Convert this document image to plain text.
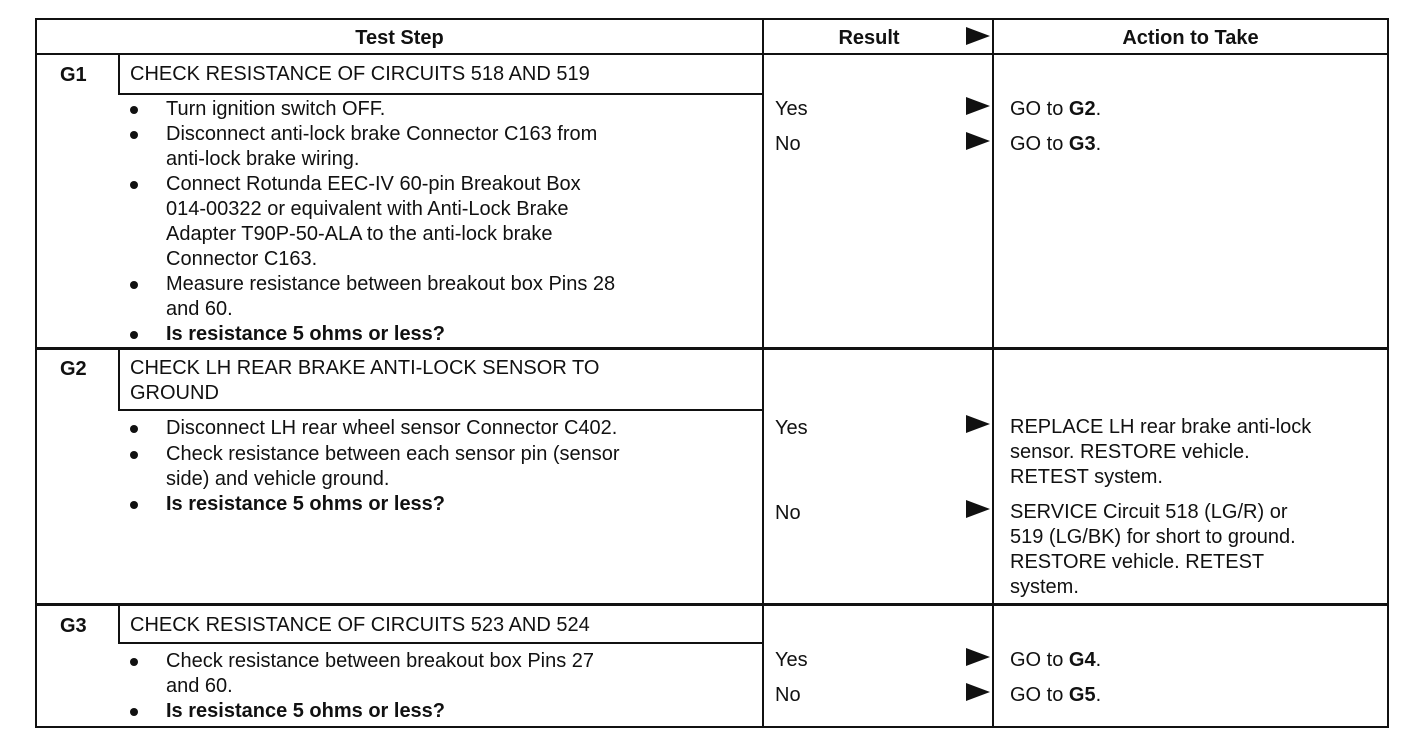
Test Step	Result	Action to Take
G1 CHECK RESISTANCE OF CIRCUITS 518 AND 519
Turn ignition switch OFF.
Disconnect anti-lock brake Connector C163 from
anti-lock brake wiring.
Connect Rotunda EEC-IV 60-pin Breakout Box
014-00322 or equivalent with Anti-Lock Brake
Adapter T90P-50-ALA to the anti-lock brake
Connector C163.
Measure resistance between breakout box Pins 28
and 60.
Is resistance 5 ohms or less?
Yes	GO to G2.
No	GO to G3.
G2 CHECK LH REAR BRAKE ANTI-LOCK SENSOR TO
GROUND
Disconnect LH rear wheel sensor Connector C402.
Check resistance between each sensor pin (sensor
side) and vehicle ground.
Is resistance 5 ohms or less?
Yes	REPLACE LH rear brake anti-lock
sensor. RESTORE vehicle.
RETEST system.
No	SERVICE Circuit 518 (LG/R) or
519 (LG/BK) for short to ground.
RESTORE vehicle. RETEST
system.
G3 CHECK RESISTANCE OF CIRCUITS 523 AND 524
Check resistance between breakout box Pins 27
and 60.
Is resistance 5 ohms or less?
Yes	GO to G4.
No	GO to G5.
